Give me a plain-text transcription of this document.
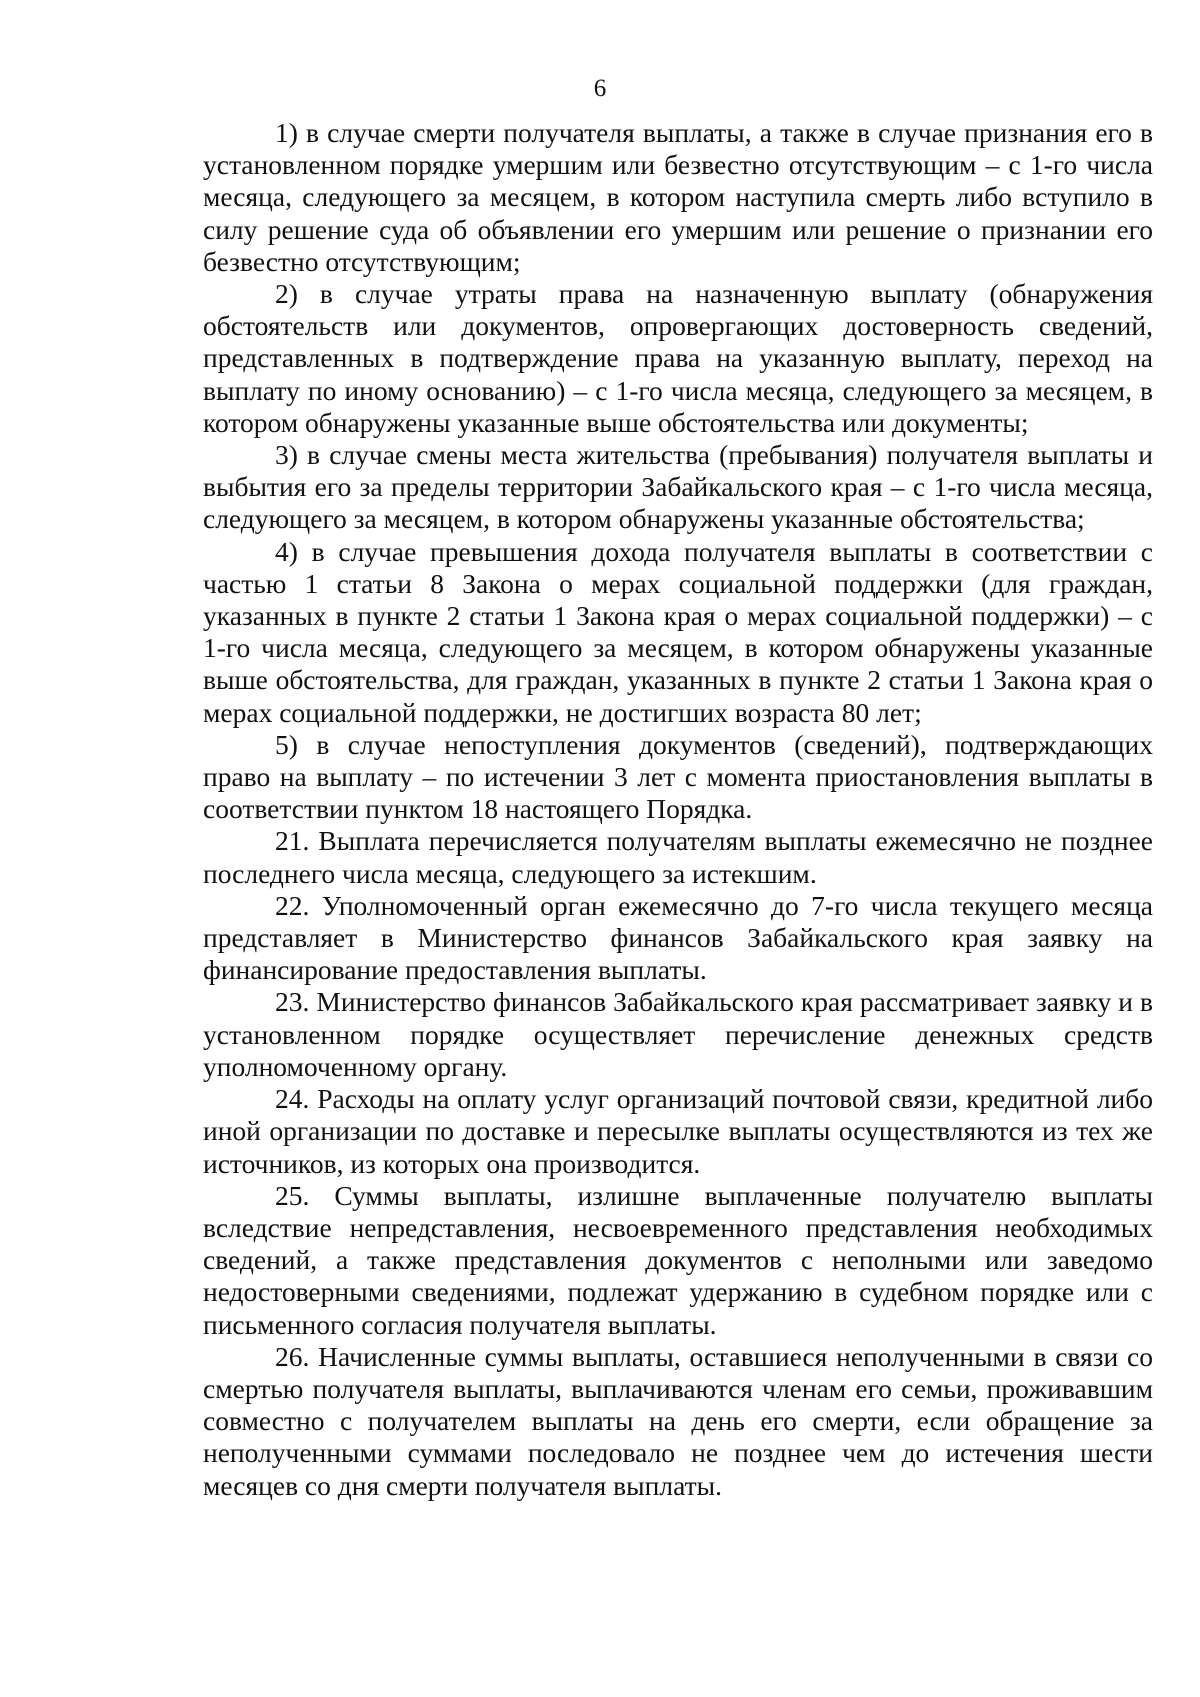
6

1) в случае смерти получателя выплаты, а также в случае признания его в установленном порядке умершим или безвестно отсутствующим – с 1-го числа месяца, следующего за месяцем, в котором наступила смерть либо вступило в силу решение суда об объявлении его умершим или решение о признании его безвестно отсутствующим;

2) в случае утраты права на назначенную выплату (обнаружения обстоятельств или документов, опровергающих достоверность сведений, представленных в подтверждение права на указанную выплату, переход на выплату по иному основанию) – с 1-го числа месяца, следующего за месяцем, в котором обнаружены указанные выше обстоятельства или документы;

3) в случае смены места жительства (пребывания) получателя выплаты и выбытия его за пределы территории Забайкальского края – с 1-го числа месяца, следующего за месяцем, в котором обнаружены указанные обстоятельства;

4) в случае превышения дохода получателя выплаты в соответствии с частью 1 статьи 8 Закона о мерах социальной поддержки (для граждан, указанных в пункте 2 статьи 1 Закона края о мерах социальной поддержки) – с 1-го числа месяца, следующего за месяцем, в котором обнаружены указанные выше обстоятельства, для граждан, указанных в пункте 2 статьи 1 Закона края о мерах социальной поддержки, не достигших возраста 80 лет;

5) в случае непоступления документов (сведений), подтверждающих право на выплату – по истечении 3 лет с момента приостановления выплаты в соответствии пунктом 18 настоящего Порядка.

21. Выплата перечисляется получателям выплаты ежемесячно не позднее последнего числа месяца, следующего за истекшим.

22. Уполномоченный орган ежемесячно до 7-го числа текущего месяца представляет в Министерство финансов Забайкальского края заявку на финансирование предоставления выплаты.

23. Министерство финансов Забайкальского края рассматривает заявку и в установленном порядке осуществляет перечисление денежных средств уполномоченному органу.

24. Расходы на оплату услуг организаций почтовой связи, кредитной либо иной организации по доставке и пересылке выплаты осуществляются из тех же источников, из которых она производится.

25. Суммы выплаты, излишне выплаченные получателю выплаты вследствие непредставления, несвоевременного представления необходимых сведений, а также представления документов с неполными или заведомо недостоверными сведениями, подлежат удержанию в судебном порядке или с письменного согласия получателя выплаты.

26. Начисленные суммы выплаты, оставшиеся неполученными в связи со смертью получателя выплаты, выплачиваются членам его семьи, проживавшим совместно с получателем выплаты на день его смерти, если обращение за неполученными суммами последовало не позднее чем до истечения шести месяцев со дня смерти получателя выплаты.
